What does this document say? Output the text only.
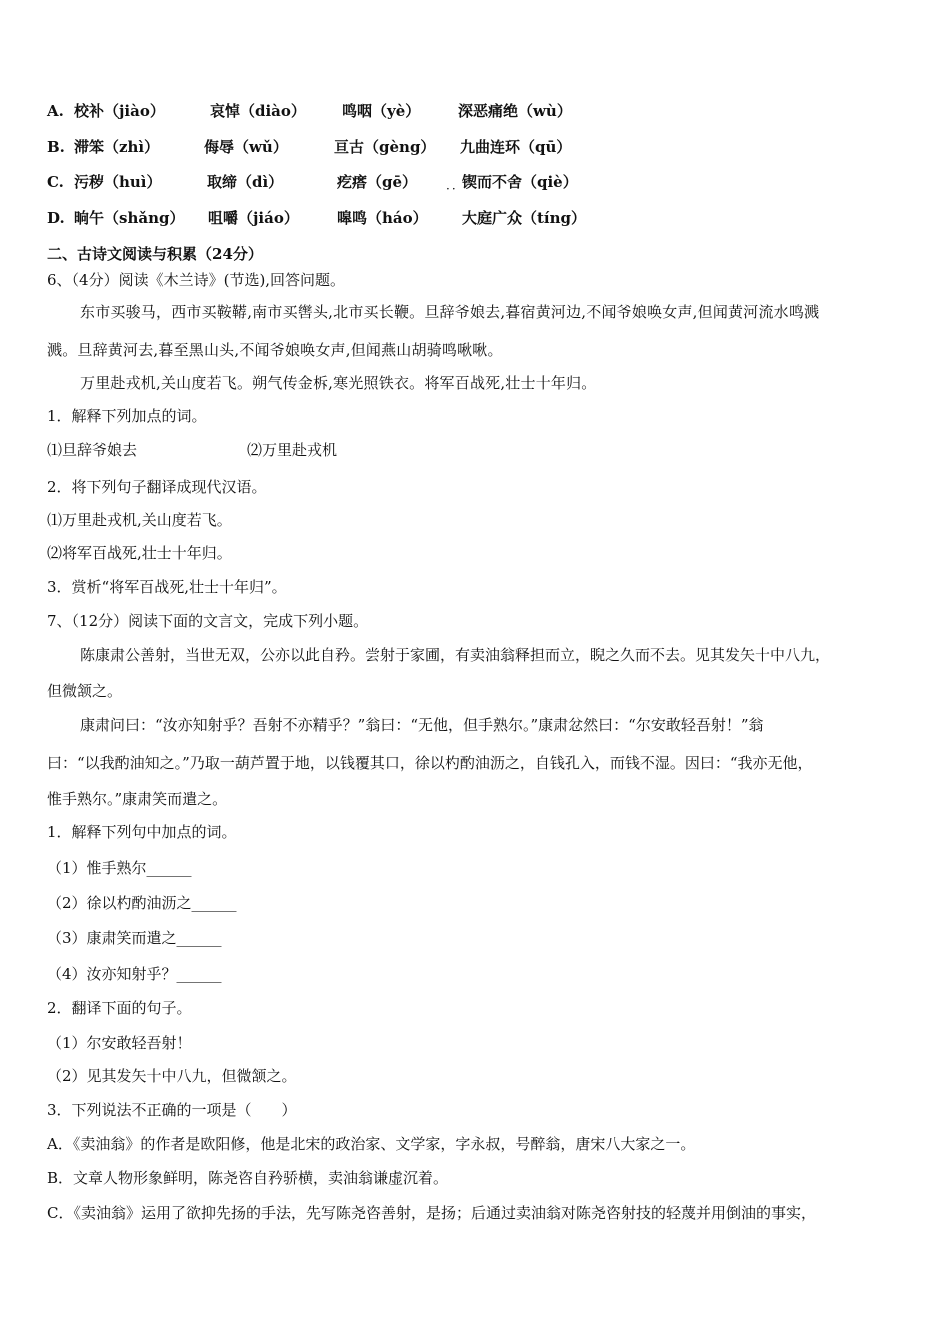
A. 校补（jiào）	哀悼（diào） 鸣咽（yè）	深恶痛绝（wù）
B. 滞笨（zhì）	侮辱（wǔ）	亘古（gèng） 九曲连环（qū）
C. 污秽（huì）	取缔（dì）	疙瘩（gē）	锲而不舍（qiè）
··
D. 晌午（shǎng） 咀嚼（jiáo）	嗥鸣（háo） 大庭广众（tíng）
二、古诗文阅读与积累（24分）
6、（4分）阅读《木兰诗》(节选),回答问题。
东市买骏马，西市买鞍鞯,南市买辔头,北市买长鞭。旦辞爷娘去,暮宿黄河边,不闻爷娘唤女声,但闻黄河流水鸣溅
溅。旦辞黄河去,暮至黑山头,不闻爷娘唤女声,但闻燕山胡骑鸣啾啾。
万里赴戎机,关山度若飞。朔气传金柝,寒光照铁衣。将军百战死,壮士十年归。
1．解释下列加点的词。
⑴旦辞爷娘去	⑵万里赴戎机
2．将下列句子翻译成现代汉语。
⑴万里赴戎机,关山度若飞。
⑵将军百战死,壮士十年归。
3．赏析“将军百战死,壮士十年归”。
7、（12分）阅读下面的文言文，完成下列小题。
陈康肃公善射，当世无双，公亦以此自矜。尝射于家圃，有卖油翁释担而立，睨之久而不去。见其发矢十中八九，
但微颔之。
康肃问曰：“汝亦知射乎？吾射不亦精乎？”翁曰：“无他，但手熟尔。”康肃忿然曰：“尔安敢轻吾射！”翁
曰：“以我酌油知之。”乃取一葫芦置于地，以钱覆其口，徐以杓酌油沥之，自钱孔入，而钱不湿。因曰：“我亦无他，
惟手熟尔。”康肃笑而遣之。
1．解释下列句中加点的词。
（1）惟手熟尔______
（2）徐以杓酌油沥之______
（3）康肃笑而遣之______
（4）汝亦知射乎？______
2．翻译下面的句子。
（1）尔安敢轻吾射！
（2）见其发矢十中八九，但微颔之。
3．下列说法不正确的一项是（　　）
A．《卖油翁》的作者是欧阳修，他是北宋的政治家、文学家，字永叔，号醉翁，唐宋八大家之一。
B．文章人物形象鲜明，陈尧咨自矜骄横，卖油翁谦虚沉着。
C．《卖油翁》运用了欲抑先扬的手法，先写陈尧咨善射，是扬；后通过卖油翁对陈尧咨射技的轻蔑并用倒油的事实，
